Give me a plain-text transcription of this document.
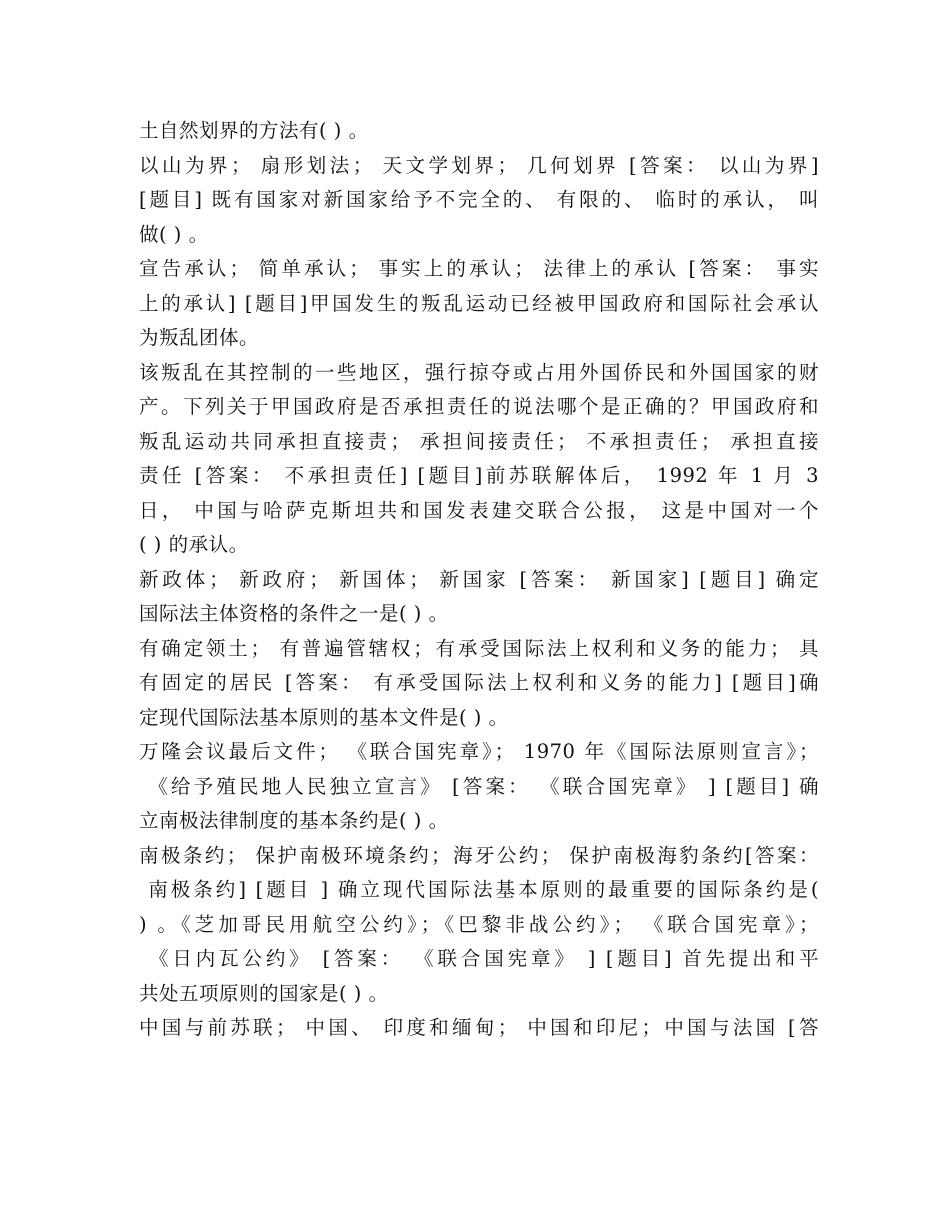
土自然划界的方法有( ) 。
以山为界； 扇形划法； 天文学划界； 几何划界 [答案： 以山为界]
[题目] 既有国家对新国家给予不完全的、 有限的、 临时的承认， 叫
做( ) 。
宣告承认； 简单承认； 事实上的承认； 法律上的承认 [答案： 事实
上的承认] [题目]甲国发生的叛乱运动已经被甲国政府和国际社会承认
为叛乱团体。
该叛乱在其控制的一些地区，强行掠夺或占用外国侨民和外国国家的财
产。下列关于甲国政府是否承担责任的说法哪个是正确的？甲国政府和
叛乱运动共同承担直接责； 承担间接责任； 不承担责任； 承担直接
责任 [答案： 不承担责任] [题目]前苏联解体后， 1992 年 1 月 3
日， 中国与哈萨克斯坦共和国发表建交联合公报， 这是中国对一个
( ) 的承认。
新政体； 新政府； 新国体； 新国家 [答案： 新国家] [题目] 确定
国际法主体资格的条件之一是( ) 。
有确定领土； 有普遍管辖权；有承受国际法上权利和义务的能力； 具
有固定的居民 [答案： 有承受国际法上权利和义务的能力] [题目]确
定现代国际法基本原则的基本文件是( ) 。
万隆会议最后文件； 《联合国宪章》； 1970 年《国际法原则宣言》；
《给予殖民地人民独立宣言》 [答案： 《联合国宪章》 ] [题目] 确
立南极法律制度的基本条约是( ) 。
南极条约； 保护南极环境条约；海牙公约； 保护南极海豹条约[答案：
南极条约] [题目 ] 确立现代国际法基本原则的最重要的国际条约是(
) 。《芝加哥民用航空公约》；《巴黎非战公约》； 《联合国宪章》；
《日内瓦公约》 [答案： 《联合国宪章》 ] [题目] 首先提出和平
共处五项原则的国家是( ) 。
中国与前苏联； 中国、 印度和缅甸； 中国和印尼；中国与法国 [答
